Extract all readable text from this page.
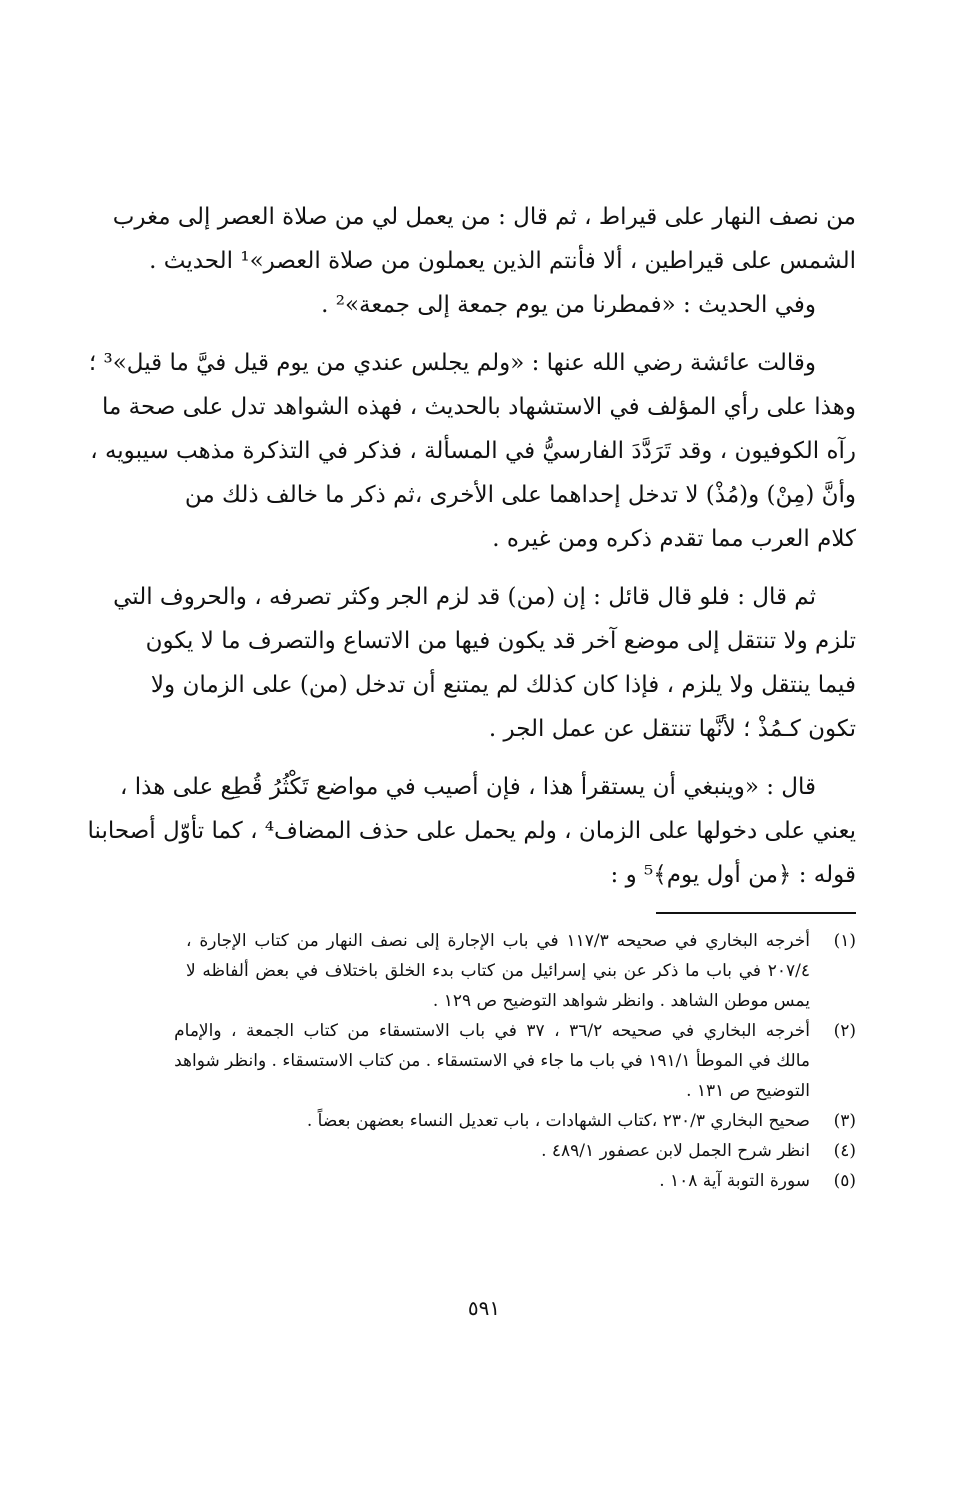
من نصف النهار على قيراط ، ثم قال : من يعمل لي من صلاة العصر إلى مغرب
الشمس على قيراطين ، ألا فأنتم الذين يعملون من صلاة العصر»¹ الحديث .
وفي الحديث : «فمطرنا من يوم جمعة إلى جمعة»² .
وقالت عائشة رضي الله عنها : «ولم يجلس عندي من يوم قيل فيَّ ما قيل»³ ؛
وهذا على رأي المؤلف في الاستشهاد بالحديث ، فهذه الشواهد تدل على صحة ما
رآه الكوفيون ، وقد تَرَدَّدَ الفارسيُّ في المسألة ، فذكر في التذكرة مذهب سيبويه ،
وأنَّ (مِنْ) و(مُذْ) لا تدخل إحداهما على الأخرى ،ثم ذكر ما خالف ذلك من
كلام العرب مما تقدم ذكره ومن غيره .
ثم قال : فلو قال قائل : إن (من) قد لزم الجر وكثر تصرفه ، والحروف التي
تلزم ولا تنتقل إلى موضع آخر قد يكون فيها من الاتساع والتصرف ما لا يكون
فيما ينتقل ولا يلزم ، فإذا كان كذلك لم يمتنع أن تدخل (من) على الزمان ولا
تكون كـمُذْ ؛ لأنَّها تنتقل عن عمل الجر .
قال : «وينبغي أن يستقرأ هذا ، فإن أصيب في مواضع تَكْثُرُ قُطِع على هذا ،
يعني على دخولها على الزمان ، ولم يحمل على حذف المضاف⁴ ، كما تأوّل أصحابنا
قوله : ﴿من أول يوم﴾⁵ و :
(١)
أخرجه البخاري في صحيحه ١١٧/٣ في باب الإجارة إلى نصف النهار من كتاب الإجارة ،
٢٠٧/٤ في باب ما ذكر عن بني إسرائيل من كتاب بدء الخلق باختلاف في بعض ألفاظه لا
يمس موطن الشاهد . وانظر شواهد التوضيح ص ١٢٩ .
(٢)
أخرجه البخاري في صحيحه ٣٦/٢ ، ٣٧ في باب الاستسقاء من كتاب الجمعة ، والإمام
مالك في الموطأ ١٩١/١ في باب ما جاء في الاستسقاء . من كتاب الاستسقاء . وانظر شواهد
التوضيح ص ١٣١ .
(٣)
صحيح البخاري ٢٣٠/٣ ،كتاب الشهادات ، باب تعديل النساء بعضهن بعضاً .
(٤)
انظر شرح الجمل لابن عصفور ٤٨٩/١ .
(٥)
سورة التوبة آية ١٠٨ .
٥٩١
